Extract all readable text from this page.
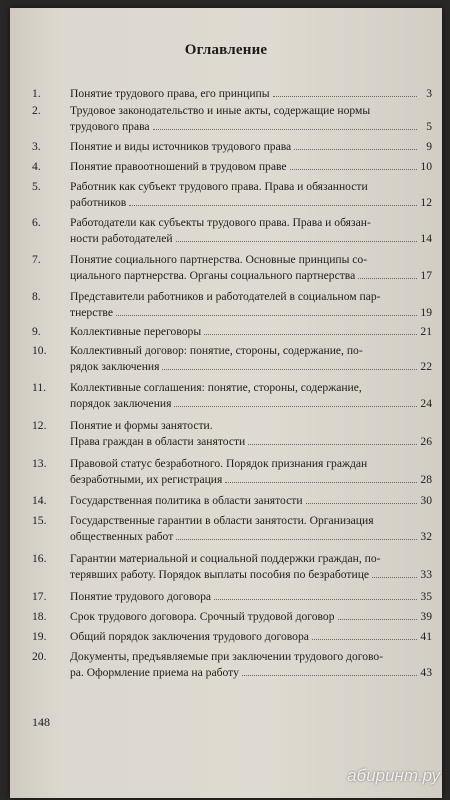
Оглавление
1.	Понятие трудового права, его принципы	3
2.	Трудовое законодательство и иные акты, содержащие нормы
трудового права	5
3.	Понятие и виды источников трудового права	9
4.	Понятие правоотношений в трудовом праве	10
5.	Работник как субъект трудового права. Права и обязанности
работников	12
6.	Работодатели как субъекты трудового права. Права и обязан-
ности работодателей	14
7.	Понятие социального партнерства. Основные принципы со-
циального партнерства. Органы социального партнерства	17
8.	Представители работников и работодателей в социальном пар-
тнерстве	19
9.	Коллективные переговоры	21
10. Коллективный договор: понятие, стороны, содержание, по-
рядок заключения	22
11. Коллективные соглашения: понятие, стороны, содержание,
порядок заключения	24
12. Понятие и формы занятости.
Права граждан в области занятости	26
13. Правовой статус безработного. Порядок признания граждан
безработными, их регистрация	28
14. Государственная политика в области занятости	30
15. Государственные гарантии в области занятости. Организация
общественных работ	32
16. Гарантии материальной и социальной поддержки граждан, по-
терявших работу. Порядок выплаты пособия по безработице	33
17. Понятие трудового договора	35
18. Срок трудового договора. Срочный трудовой договор	39
19. Общий порядок заключения трудового договора	41
20. Документы, предъявляемые при заключении трудового догово-
ра. Оформление приема на работу	43
148
абиринт.ру
